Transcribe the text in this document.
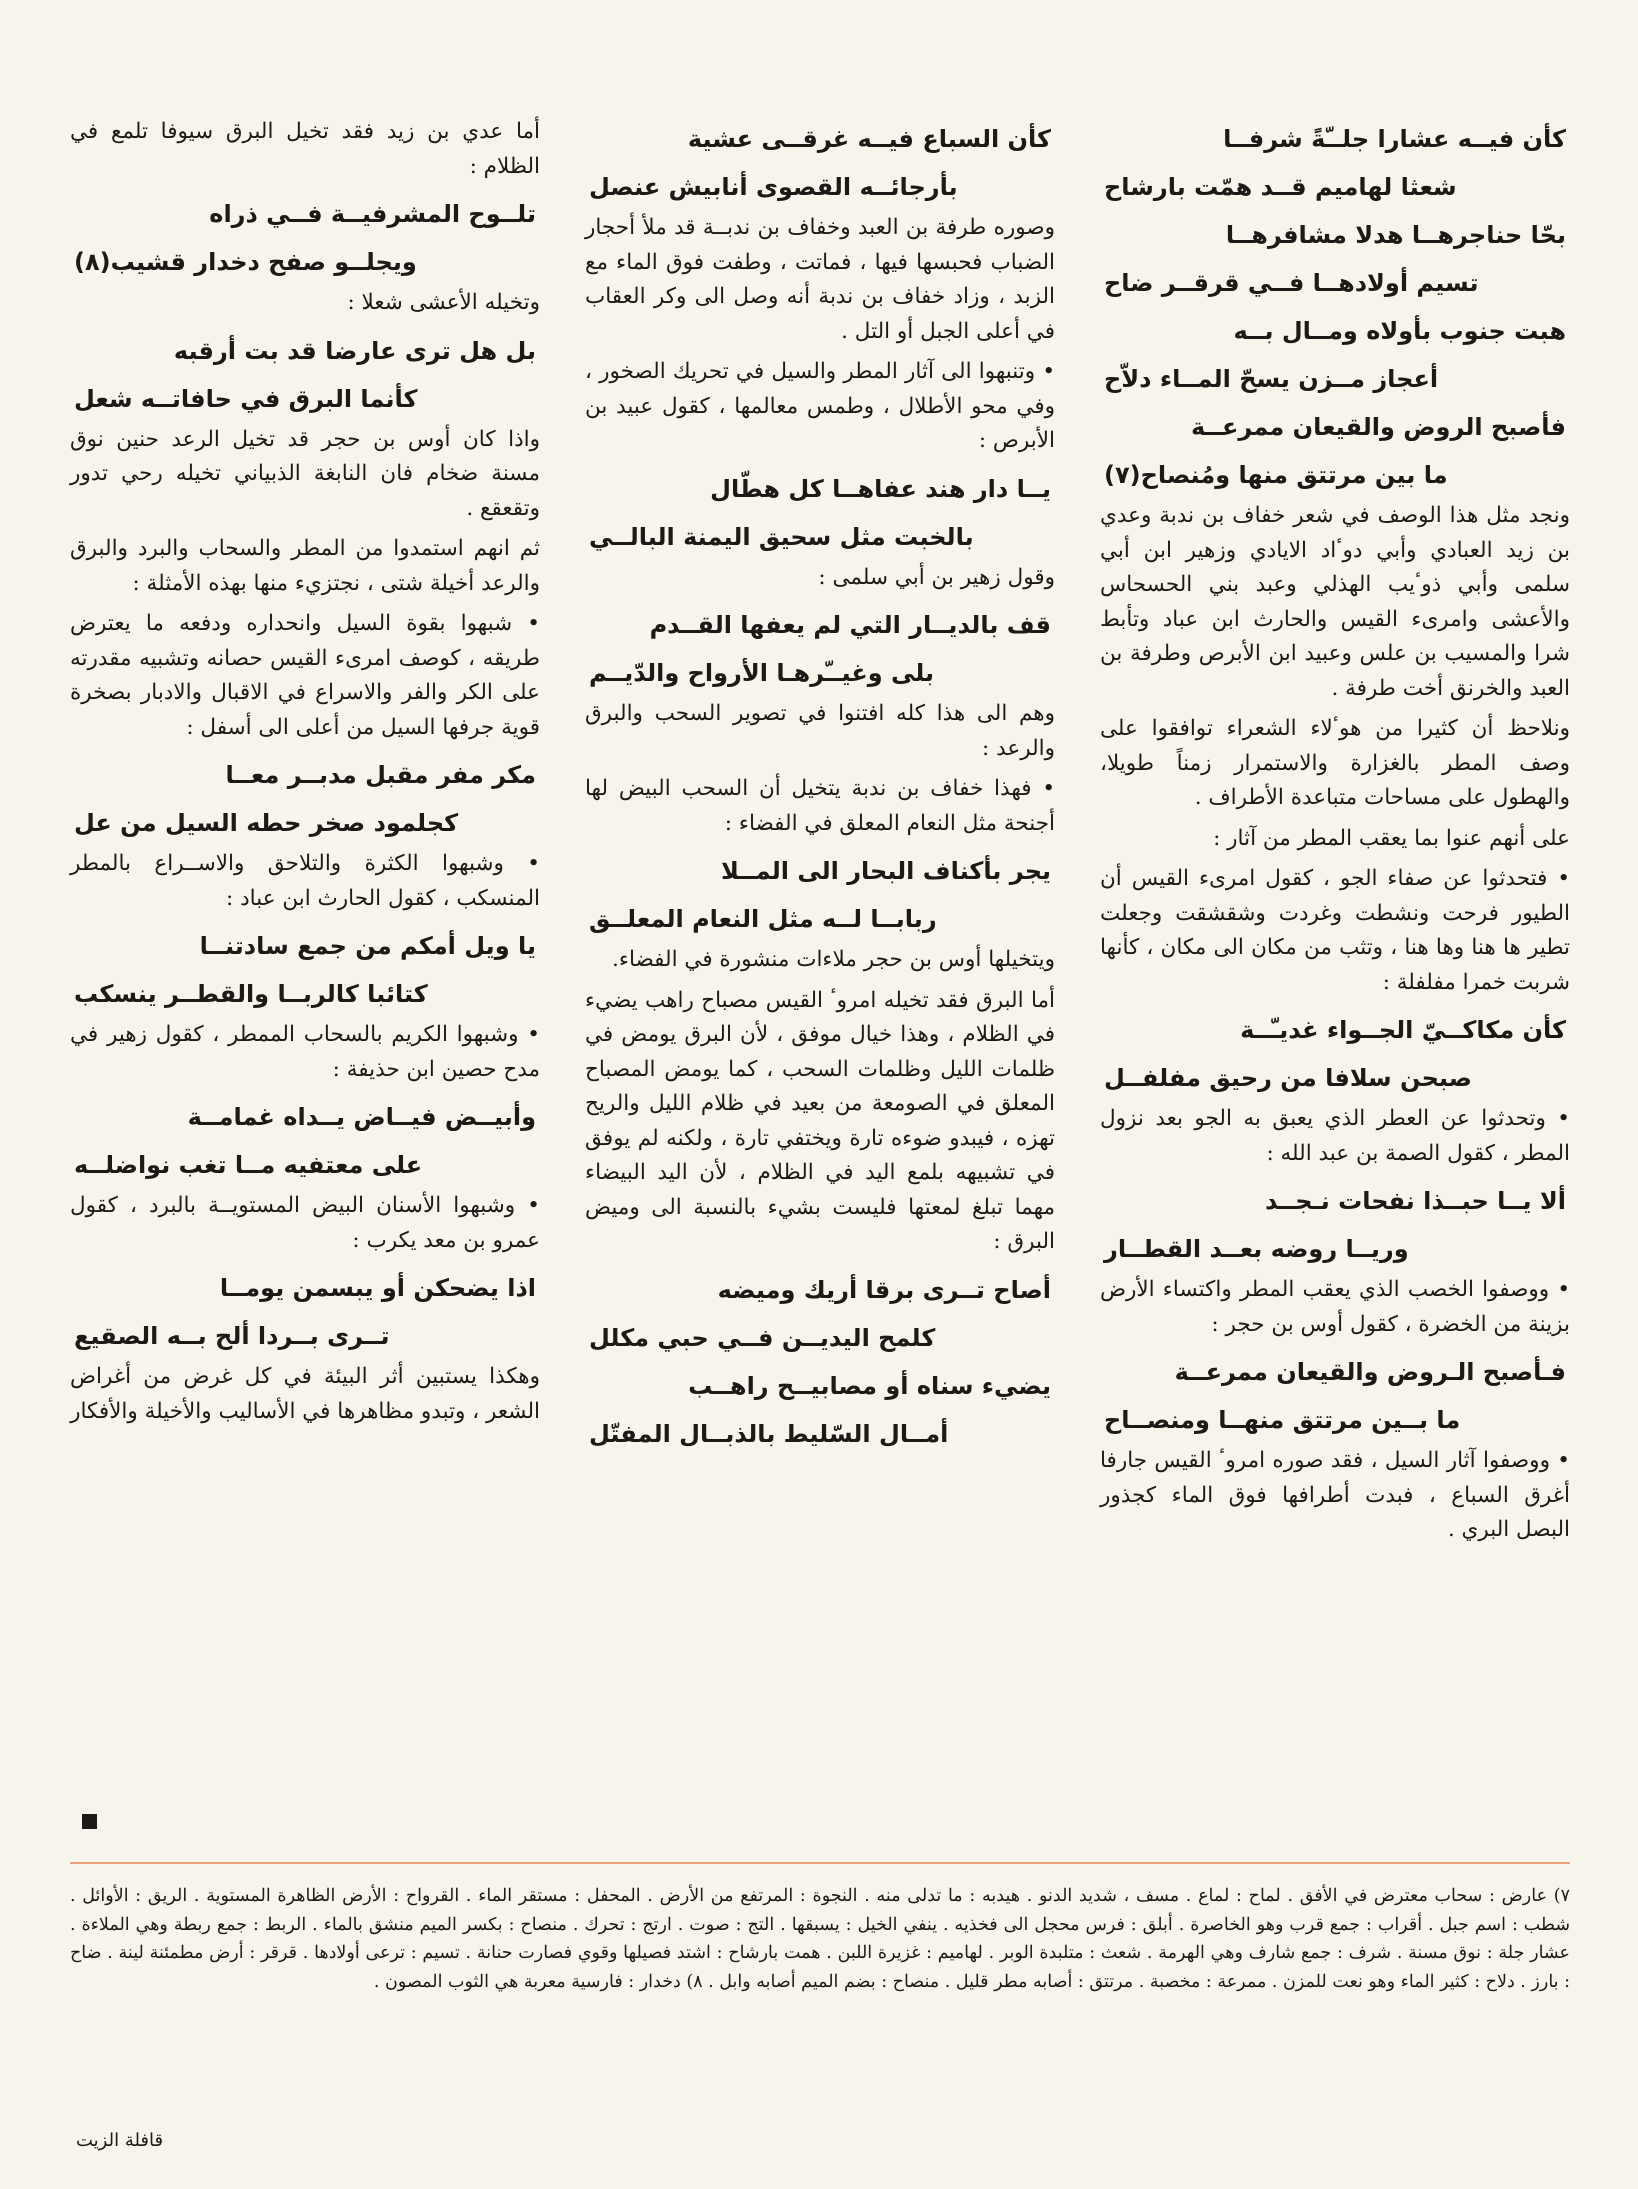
كأن فيــه عشارا جلــّةً شرفــا

شعثا لهاميم قــد همّت بارشاح

بحّا حناجرهــا هدلا مشافرهــا

تسيم أولادهــا فــي قرقــر ضاح

هبت جنوب بأولاه ومــال بــه

أعجاز مــزن يسحّ المــاء دلاّح

فأصبح الروض والقيعان ممرعــة

ما بين مرتتق منها ومُنصاح(٧)

ونجد مثل هذا الوصف في شعر خفاف بن ندبة وعدي بن زيد العبادي وأبي دوٴاد الايادي وزهير ابن أبي سلمى وأبي ذوٴيب الهذلي وعبد بني الحسحاس والأعشى وامرىء القيس والحارث ابن عباد وتأبط شرا والمسيب بن علس وعبيد ابن الأبرص وطرفة بن العبد والخرنق أخت طرفة .

ونلاحظ أن كثيرا من هوٴلاء الشعراء توافقوا على وصف المطر بالغزارة والاستمرار زمناً طويلا، والهطول على مساحات متباعدة الأطراف .

على أنهم عنوا بما يعقب المطر من آثار :

• فتحدثوا عن صفاء الجو ، كقول امرىء القيس أن الطيور فرحت ونشطت وغردت وشقشقت وجعلت تطير ها هنا وها هنا ، وتثب من مكان الى مكان ، كأنها شربت خمرا مفلفلة :

كأن مكاكــيّ الجــواء غديـّــة

صبحن سلافا من رحيق مفلفــل

• وتحدثوا عن العطر الذي يعبق به الجو بعد نزول المطر ، كقول الصمة بن عبد الله :

ألا يــا حبــذا نفحات نـجــد

وريــا روضه بعــد القطــار

• ووصفوا الخصب الذي يعقب المطر واكتساء الأرض بزينة من الخضرة ، كقول أوس بن حجر :

فـأصبح الـروض والقيعان ممرعــة

ما بــين مرتتق منهــا ومنصــاح

• ووصفوا آثار السيل ، فقد صوره امروٴ القيس جارفا أغرق السباع ، فبدت أطرافها فوق الماء كجذور البصل البري .

كأن السباع فيــه غرقــى عشية

بأرجائــه القصوى أنابيش عنصل

وصوره طرفة بن العبد وخفاف بن ندبــة قد ملأ أحجار الضباب فحبسها فيها ، فماتت ، وطفت فوق الماء مع الزبد ، وزاد خفاف بن ندبة أنه وصل الى وكر العقاب في أعلى الجبل أو التل .

• وتنبهوا الى آثار المطر والسيل في تحريك الصخور ، وفي محو الأطلال ، وطمس معالمها ، كقول عبيد بن الأبرص :

يــا دار هند عفاهــا كل هطّال

بالخبت مثل سحيق اليمنة البالــي

وقول زهير بن أبي سلمى :

قف بالديــار التي لم يعفها القــدم

بلى وغيــّرهـا الأرواح والدّيــم

وهم الى هذا كله افتنوا في تصوير السحب والبرق والرعد :

• فهذا خفاف بن ندبة يتخيل أن السحب البيض لها أجنحة مثل النعام المعلق في الفضاء :

يجر بأكناف البحار الى المــلا

ربابــا لــه مثل النعام المعلــق

ويتخيلها أوس بن حجر ملاءات منشورة في الفضاء.

أما البرق فقد تخيله امروٴ القيس مصباح راهب يضيء في الظلام ، وهذا خيال موفق ، لأن البرق يومض في ظلمات الليل وظلمات السحب ، كما يومض المصباح المعلق في الصومعة من بعيد في ظلام الليل والريح تهزه ، فيبدو ضوءه تارة ويختفي تارة ، ولكنه لم يوفق في تشبيهه بلمع اليد في الظلام ، لأن اليد البيضاء مهما تبلغ لمعتها فليست بشيء بالنسبة الى وميض البرق :

أصاح تــرى برقا أريك وميضه

كلمح اليديــن فــي حبي مكلل

يضيء سناه أو مصابيــح راهــب

أمــال السّليط بالذبــال المفتّل

أما عدي بن زيد فقد تخيل البرق سيوفا تلمع في الظلام :

تلــوح المشرفيــة فــي ذراه

ويجلــو صفح دخدار قشيب(٨)

وتخيله الأعشى شعلا :

بل هل ترى عارضا قد بت أرقبه

كأنما البرق في حافاتــه شعل

واذا كان أوس بن حجر قد تخيل الرعد حنين نوق مسنة ضخام فان النابغة الذبياني تخيله رحي تدور وتقعقع .

ثم انهم استمدوا من المطر والسحاب والبرد والبرق والرعد أخيلة شتى ، نجتزيء منها بهذه الأمثلة :

• شبهوا بقوة السيل وانحداره ودفعه ما يعترض طريقه ، كوصف امرىء القيس حصانه وتشبيه مقدرته على الكر والفر والاسراع في الاقبال والادبار بصخرة قوية جرفها السيل من أعلى الى أسفل :

مكر مفر مقبل مدبــر معــا

كجلمود صخر حطه السيل من عل

• وشبهوا الكثرة والتلاحق والاســراع بالمطر المنسكب ، كقول الحارث ابن عباد :

يا ويل أمكم من جمع سادتنــا

كتائبا كالربــا والقطــر ينسكب

• وشبهوا الكريم بالسحاب الممطر ، كقول زهير في مدح حصين ابن حذيفة :

وأبيــض فيــاض يــداه غمامــة

على معتفيه مــا تغب نواضلــه

• وشبهوا الأسنان البيض المستويــة بالبرد ، كقول عمرو بن معد يكرب :

اذا يضحكن أو يبسمن يومــا

تــرى بــردا ألح بــه الصقيع

وهكذا يستبين أثر البيئة في كل غرض من أغراض الشعر ، وتبدو مظاهرها في الأساليب والأخيلة والأفكار

٧) عارض : سحاب معترض في الأفق . لماح : لماع . مسف ، شديد الدنو . هيدبه : ما تدلى منه . النجوة : المرتفع من الأرض . المحفل : مستقر الماء . القرواح : الأرض الظاهرة المستوية . الريق : الأوائل . شطب : اسم جبل . أقراب : جمع قرب وهو الخاصرة . أبلق : فرس محجل الى فخذيه . ينفي الخيل : يسبقها . التج : صوت . ارتج : تحرك . منصاح : بكسر الميم منشق بالماء . الربط : جمع ربطة وهي الملاءة . عشار جلة : نوق مسنة . شرف : جمع شارف وهي الهرمة . شعث : متلبدة الوبر . لهاميم : غزيرة اللبن . همت بارشاح : اشتد فصيلها وقوي فصارت حنانة . تسيم : ترعى أولادها . قرقر : أرض مطمئنة لينة . ضاح : بارز . دلاح : كثير الماء وهو نعت للمزن . ممرعة : مخصبة . مرتتق : أصابه مطر قليل . منصاح : بضم الميم أصابه وابل . ٨) دخدار : فارسية معربة هي الثوب المصون .

قافلة الزيت
